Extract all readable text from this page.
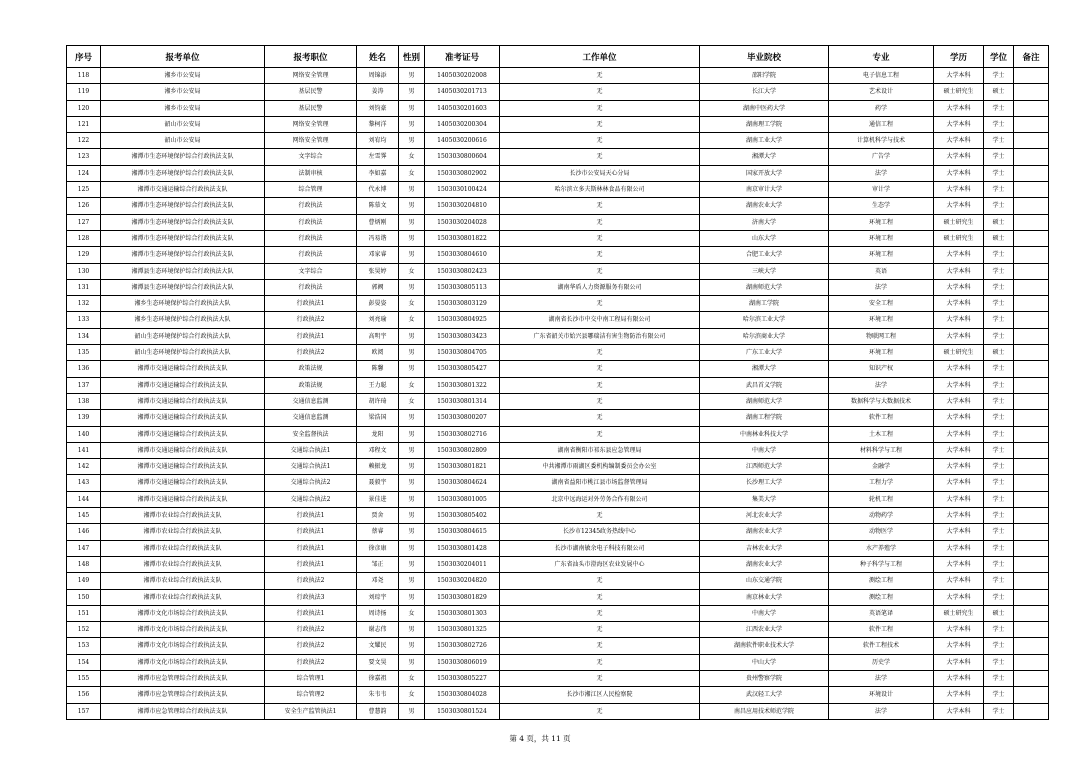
序号	报考单位	报考职位	姓名	性别	准考证号	工作单位	毕业院校	专业	学历	学位	备注
118	湘乡市公安局	网络安全管理	周锦添	男	1405030202008	无	邵阳学院	电子信息工程	大学本科	学士	
119	湘乡市公安局	基层民警	姜涛	男	1405030201713	无	长江大学	艺术设计	硕士研究生	硕士	
120	湘乡市公安局	基层民警	刘钧豪	男	1405030201603	无	湖南中医药大学	药学	大学本科	学士	
121	韶山市公安局	网络安全管理	黎柯洋	男	1405030200304	无	湖南理工学院	通信工程	大学本科	学士	
122	韶山市公安局	网络安全管理	刘宥均	男	1405030200616	无	湖南工业大学	计算机科学与技术	大学本科	学士	
123	湘潭市生态环境保护综合行政执法支队	文字综合	左雪霁	女	1503030800604	无	湘潭大学	广告学	大学本科	学士	
124	湘潭市生态环境保护综合行政执法支队	法制审核	李如嘉	女	1503030802902	长沙市公安局天心分局	国家开放大学	法学	大学本科	学士	
125	湘潭市交通运输综合行政执法支队	综合管理	代永博	男	1503030100424	哈尔滨立多夫斯林林食品有限公司	南京审计大学	审计学	大学本科	学士	
126	湘潭市生态环境保护综合行政执法支队	行政执法	陈慕文	男	1503030204810	无	湖南农业大学	生态学	大学本科	学士	
127	湘潭市生态环境保护综合行政执法支队	行政执法	曹炳刚	男	1503030204028	无	济南大学	环境工程	硕士研究生	硕士	
128	湘潭市生态环境保护综合行政执法支队	行政执法	冯易谐	男	1503030801822	无	山东大学	环境工程	硕士研究生	硕士	
129	湘潭市生态环境保护综合行政执法支队	行政执法	邓家睿	男	1503030804610	无	合肥工业大学	环境工程	大学本科	学士	
130	湘潭县生态环境保护综合行政执法大队	文字综合	张昊婷	女	1503030802423	无	三峡大学	英语	大学本科	学士	
131	湘潭县生态环境保护综合行政执法大队	行政执法	郭阙	男	1503030805113	湖南华盾人力资源服务有限公司	湖南师范大学	法学	大学本科	学士	
132	湘乡生态环境保护综合行政执法大队	行政执法1	彭晏姿	女	1503030803129	无	湖南工学院	安全工程	大学本科	学士	
133	湘乡生态环境保护综合行政执法大队	行政执法2	刘亮瑜	女	1503030804925	湖南省长沙市中交中南工程局有限公司	哈尔滨工业大学	环境工程	大学本科	学士	
134	韶山生态环境保护综合行政执法大队	行政执法1	高明宇	男	1503030803423	广东省韶关市始兴县哪瑞洁有害生物防治有限公司	哈尔滨商业大学	物联网工程	大学本科	学士	
135	韶山生态环境保护综合行政执法大队	行政执法2	欧阅	男	1503030804705	无	广东工业大学	环境工程	硕士研究生	硕士	
136	湘潭市交通运输综合行政执法支队	政策法规	陈馨	男	1503030805427	无	湘潭大学	知识产权	大学本科	学士	
137	湘潭市交通运输综合行政执法支队	政策法规	王力聪	女	1503030801322	无	武昌首义学院	法学	大学本科	学士	
138	湘潭市交通运输综合行政执法支队	交通信息监测	胡许琦	女	1503030801314	无	湖南师范大学	数据科学与大数据技术	大学本科	学士	
139	湘潭市交通运输综合行政执法支队	交通信息监测	梁浩国	男	1503030800207	无	湖南工程学院	软件工程	大学本科	学士	
140	湘潭市交通运输综合行政执法支队	安全监督执法	龙阳	男	1503030802716	无	中南林业科技大学	土木工程	大学本科	学士	
141	湘潭市交通运输综合行政执法支队	交通综合执法1	邓程文	男	1503030802809	湖南省衡阳市祁东县应急管理局	中南大学	材料科学与工程	大学本科	学士	
142	湘潭市交通运输综合行政执法支队	交通综合执法1	赖振龙	男	1503030801821	中共湘潭市雨湖区委机构编制委员会办公室	江西师范大学	金融学	大学本科	学士	
143	湘潭市交通运输综合行政执法支队	交通综合执法2	聂毅宇	男	1503030804624	湖南省益阳市桃江县市场监督管理局	长沙理工大学	工程力学	大学本科	学士	
144	湘潭市交通运输综合行政执法支队	交通综合执法2	景佳进	男	1503030801005	北京中远海运对外劳务合作有限公司	集美大学	轮机工程	大学本科	学士	
145	湘潭市农业综合行政执法支队	行政执法1	贾舍	男	1503030805402	无	河北农业大学	动物药学	大学本科	学士	
146	湘潭市农业综合行政执法支队	行政执法1	蔡睿	男	1503030804615	长沙市12345政务热线中心	湖南农业大学	动物医学	大学本科	学士	
147	湘潭市农业综合行政执法支队	行政执法1	徐彦康	男	1503030801428	长沙市湖南敏余电子科技有限公司	吉林农业大学	水产养殖学	大学本科	学士	
148	湘潭市农业综合行政执法支队	行政执法1	邹正	男	1503030204011	广东省汕头市澄海区农业发展中心	湖南农业大学	种子科学与工程	大学本科	学士	
149	湘潭市农业综合行政执法支队	行政执法2	邓尧	男	1503030204820	无	山东交通学院	测绘工程	大学本科	学士	
150	湘潭市农业综合行政执法支队	行政执法3	刘琮宇	男	1503030801829	无	南京林业大学	测绘工程	大学本科	学士	
151	湘潭市文化市场综合行政执法支队	行政执法1	周诗扬	女	1503030801303	无	中南大学	英语笔译	硕士研究生	硕士	
152	湘潭市文化市场综合行政执法支队	行政执法2	谢志伟	男	1503030801325	无	江西农业大学	软件工程	大学本科	学士	
153	湘潭市文化市场综合行政执法支队	行政执法2	文耀民	男	1503030802726	无	湖南软件职业技术大学	软件工程技术	大学本科	学士	
154	湘潭市文化市场综合行政执法支队	行政执法2	要文昊	男	1503030806019	无	中山大学	历史学	大学本科	学士	
155	湘潭市应急管理综合行政执法支队	综合管理1	徐嘉祖	女	1503030805227	无	贵州警察学院	法学	大学本科	学士	
156	湘潭市应急管理综合行政执法支队	综合管理2	朱韦韦	女	1503030804028	长沙市湘江区人民检察院	武汉轻工大学	环境设计	大学本科	学士	
157	湘潭市应急管理综合行政执法支队	安全生产监管执法1	曹慧韵	男	1503030801524	无	南昌应用技术师范学院	法学	大学本科	学士	
第 4 页，共 11 页
